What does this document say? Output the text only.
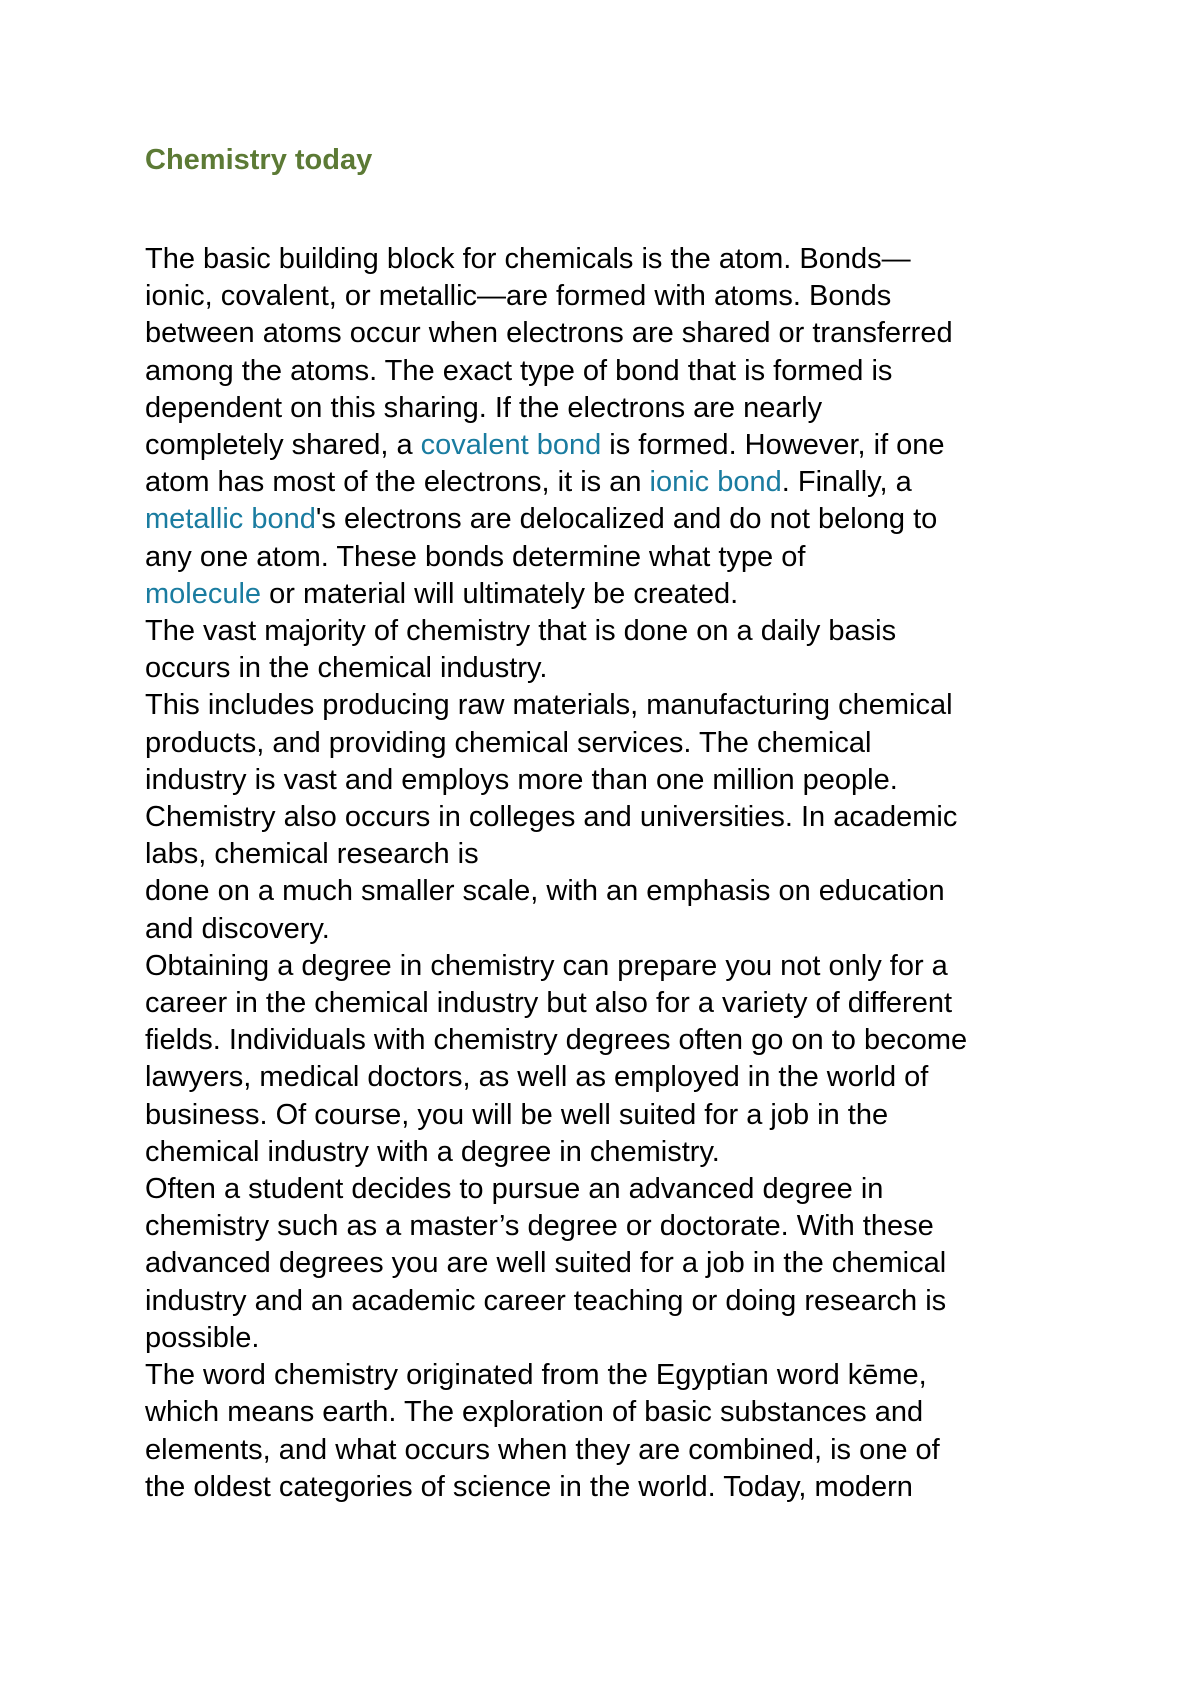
Chemistry today
The basic building block for chemicals is the atom. Bonds—
ionic, covalent, or metallic—are formed with atoms. Bonds
between atoms occur when electrons are shared or transferred
among the atoms. The exact type of bond that is formed is
dependent on this sharing. If the electrons are nearly
completely shared, a covalent bond is formed. However, if one
atom has most of the electrons, it is an ionic bond. Finally, a
metallic bond's electrons are delocalized and do not belong to
any one atom. These bonds determine what type of
molecule or material will ultimately be created.
The vast majority of chemistry that is done on a daily basis
occurs in the chemical industry.
This includes producing raw materials, manufacturing chemical
products, and providing chemical services. The chemical
industry is vast and employs more than one million people.
Chemistry also occurs in colleges and universities. In academic
labs, chemical research is
done on a much smaller scale, with an emphasis on education
and discovery.
Obtaining a degree in chemistry can prepare you not only for a
career in the chemical industry but also for a variety of different
fields. Individuals with chemistry degrees often go on to become
lawyers, medical doctors, as well as employed in the world of
business. Of course, you will be well suited for a job in the
chemical industry with a degree in chemistry.
Often a student decides to pursue an advanced degree in
chemistry such as a master’s degree or doctorate. With these
advanced degrees you are well suited for a job in the chemical
industry and an academic career teaching or doing research is
possible.
The word chemistry originated from the Egyptian word kēme,
which means earth. The exploration of basic substances and
elements, and what occurs when they are combined, is one of
the oldest categories of science in the world. Today, modern
